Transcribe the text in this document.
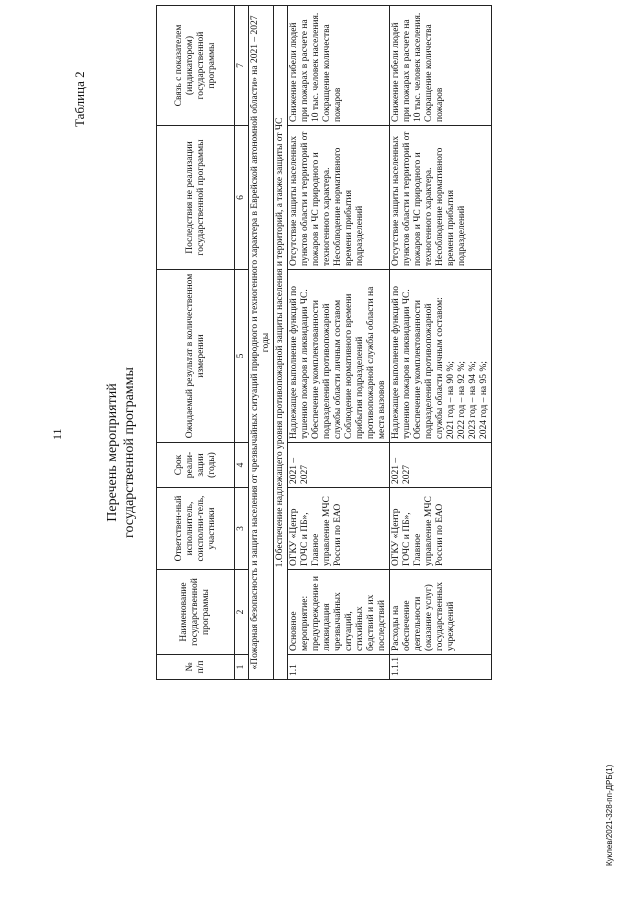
11
Куклев/2021-328-пп-ДРБ(1)
Таблица 2
Перечень мероприятий государственной программы
№ п/п	Наименование государственной программы	Ответствен-ный исполнитель, соисполни-тель, участники	Срок реали-зации (годы)	Ожидаемый результат в количественном измерении	Последствия не реализации государственной программы	Связь с показателем (индикатором) государственной программы
1	2	3	4	5	6	7
«Пожарная безопасность и защита населения от чрезвычайных ситуаций природного и техногенного характера в Еврейской автономной области» на 2021 – 2027 годы						
1.Обеспечение надлежащего уровня противопожарной защиты населения и территорий, а также защиты от ЧС						
1.1	Основное мероприятие: предупреждение и ликвидация чрезвычайных ситуаций, стихийных бедствий и их последствий	ОГКУ «Центр ГОЧС и ПБ», Главное управление МЧС России по ЕАО	2021 – 2027	Надлежащее выполнение функций по тушению пожаров и ликвидации ЧС. Обеспечение укомплектованности подразделений противопожарной службы области личным составом Соблюдение нормативного времени прибытия подразделений противопожарной службы области на места вызовов	Отсутствие защиты населенных пунктов области и территорий от пожаров и ЧС природного и техногенного характера. Несоблюдение нормативного времени прибытия подразделений	Снижение гибели людей при пожарах в расчете на 10 тыс. человек населения. Сокращение количества пожаров
1.1.1	Расходы на обеспечение деятельности (оказание услуг) государственных учреждений	ОГКУ «Центр ГОЧС и ПБ», Главное управление МЧС России по ЕАО	2021 – 2027	Надлежащее выполнение функций по тушению пожаров и ликвидации ЧС. Обеспечение укомплектованности подразделений противопожарной службы области личным составом: 2021 год – на 90 %; 2022 год – на 92 %; 2023 год – на 94 %; 2024 год – на 95 %;	Отсутствие защиты населенных пунктов области и территорий от пожаров и ЧС природного и техногенного характера. Несоблюдение нормативного времени прибытия подразделений	Снижение гибели людей при пожарах в расчете на 10 тыс. человек населения. Сокращение количества пожаров
